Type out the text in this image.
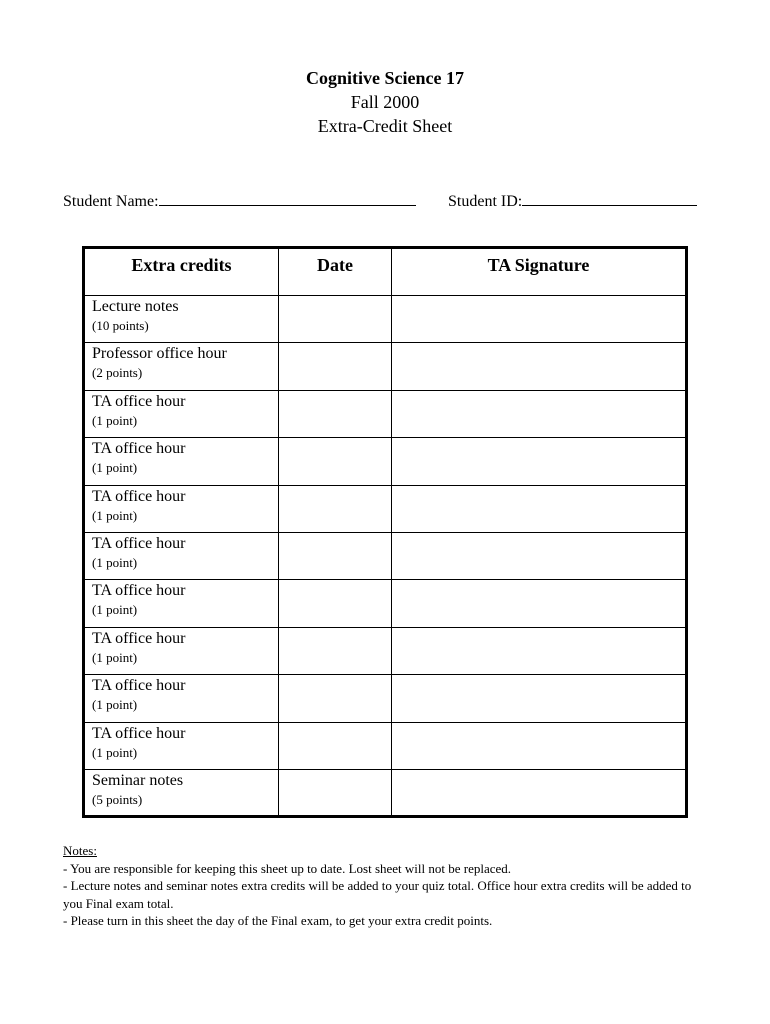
Cognitive Science 17
Fall 2000
Extra-Credit Sheet
Student Name:	Student ID:
Extra credits	Date	TA Signature

Lecture notes
(10 points)		

Professor office hour
(2 points)		

TA office hour
(1 point)		

TA office hour
(1 point)		

TA office hour
(1 point)		

TA office hour
(1 point)		

TA office hour
(1 point)		

TA office hour
(1 point)		

TA office hour
(1 point)		

TA office hour
(1 point)		

Seminar notes
(5 points)		

Notes:
- You are responsible for keeping this sheet up to date. Lost sheet will not be replaced.
- Lecture notes and seminar notes extra credits will be added to your quiz total. Office hour extra credits will be added to you Final exam total.
- Please turn in this sheet the day of the Final exam, to get your extra credit points.
